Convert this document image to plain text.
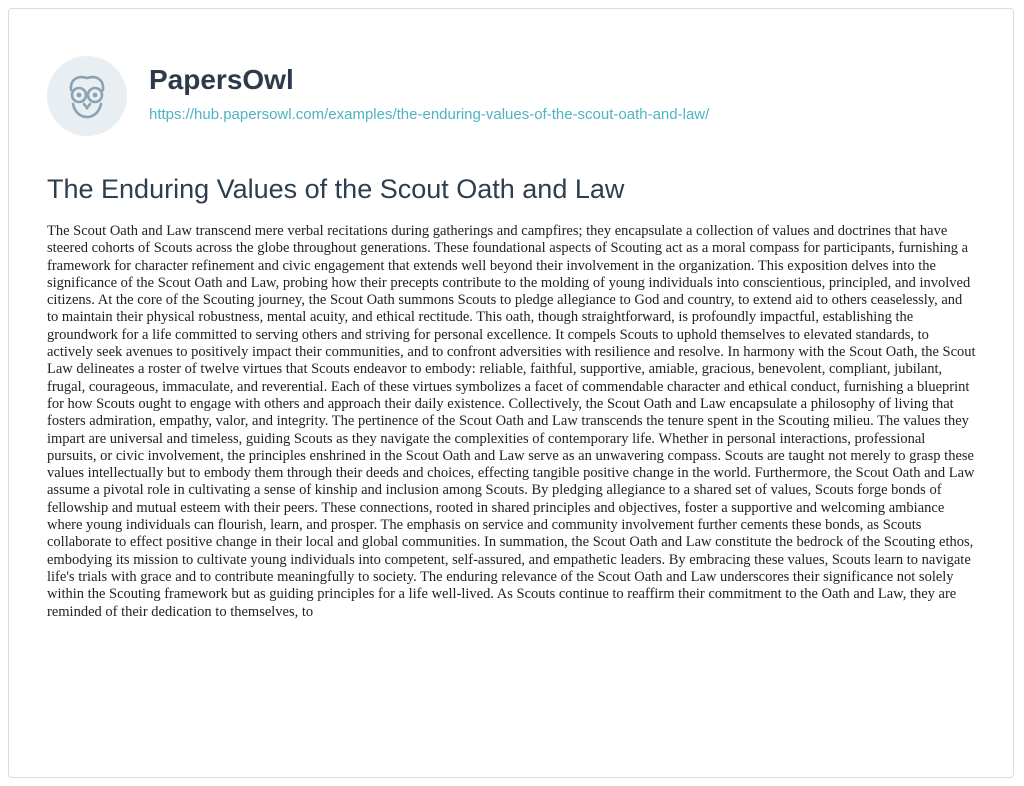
PapersOwl
https://hub.papersowl.com/examples/the-enduring-values-of-the-scout-oath-and-law/
The Enduring Values of the Scout Oath and Law

The Scout Oath and Law transcend mere verbal recitations during gatherings and campfires; they encapsulate a collection of values and doctrines that have steered cohorts of Scouts across the globe throughout generations. These foundational aspects of Scouting act as a moral compass for participants, furnishing a framework for character refinement and civic engagement that extends well beyond their involvement in the organization. This exposition delves into the significance of the Scout Oath and Law, probing how their precepts contribute to the molding of young individuals into conscientious, principled, and involved citizens. At the core of the Scouting journey, the Scout Oath summons Scouts to pledge allegiance to God and country, to extend aid to others ceaselessly, and to maintain their physical robustness, mental acuity, and ethical rectitude. This oath, though straightforward, is profoundly impactful, establishing the groundwork for a life committed to serving others and striving for personal excellence. It compels Scouts to uphold themselves to elevated standards, to actively seek avenues to positively impact their communities, and to confront adversities with resilience and resolve. In harmony with the Scout Oath, the Scout Law delineates a roster of twelve virtues that Scouts endeavor to embody: reliable, faithful, supportive, amiable, gracious, benevolent, compliant, jubilant, frugal, courageous, immaculate, and reverential. Each of these virtues symbolizes a facet of commendable character and ethical conduct, furnishing a blueprint for how Scouts ought to engage with others and approach their daily existence. Collectively, the Scout Oath and Law encapsulate a philosophy of living that fosters admiration, empathy, valor, and integrity. The pertinence of the Scout Oath and Law transcends the tenure spent in the Scouting milieu. The values they impart are universal and timeless, guiding Scouts as they navigate the complexities of contemporary life. Whether in personal interactions, professional pursuits, or civic involvement, the principles enshrined in the Scout Oath and Law serve as an unwavering compass. Scouts are taught not merely to grasp these values intellectually but to embody them through their deeds and choices, effecting tangible positive change in the world. Furthermore, the Scout Oath and Law assume a pivotal role in cultivating a sense of kinship and inclusion among Scouts. By pledging allegiance to a shared set of values, Scouts forge bonds of fellowship and mutual esteem with their peers. These connections, rooted in shared principles and objectives, foster a supportive and welcoming ambiance where young individuals can flourish, learn, and prosper. The emphasis on service and community involvement further cements these bonds, as Scouts collaborate to effect positive change in their local and global communities. In summation, the Scout Oath and Law constitute the bedrock of the Scouting ethos, embodying its mission to cultivate young individuals into competent, self-assured, and empathetic leaders. By embracing these values, Scouts learn to navigate life's trials with grace and to contribute meaningfully to society. The enduring relevance of the Scout Oath and Law underscores their significance not solely within the Scouting framework but as guiding principles for a life well-lived. As Scouts continue to reaffirm their commitment to the Oath and Law, they are reminded of their dedication to themselves, to
